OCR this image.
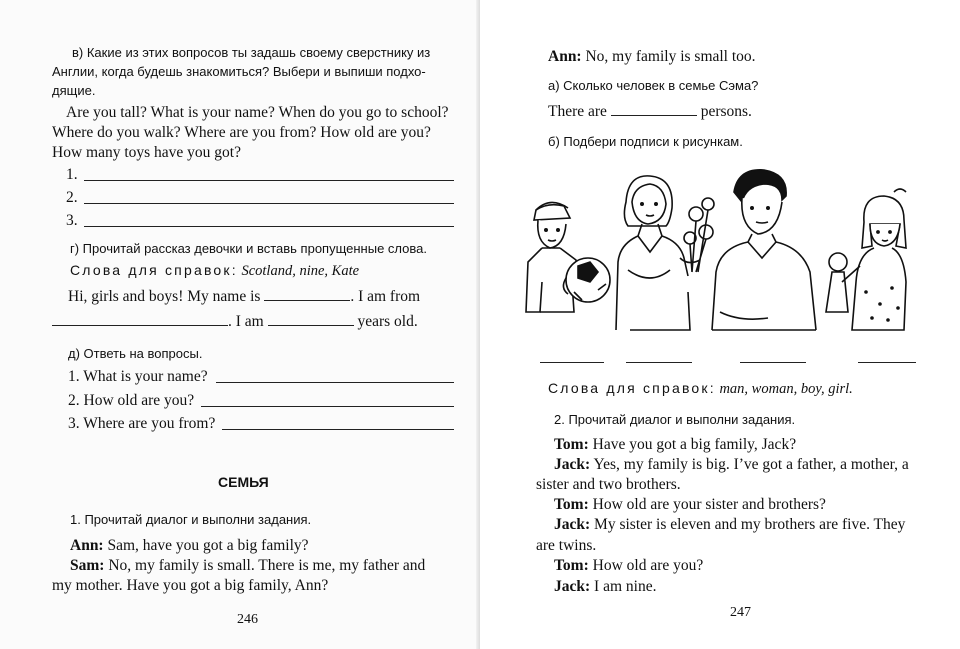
в) Какие из этих вопросов ты задашь своему сверстнику из
Англии, когда будешь знакомиться? Выбери и выпиши подхо-
дящие.
Are you tall? What is your name? When do you go to school?
Where do you walk? Where are you from? How old are you?
How many toys have you got?
1.
2.
3.
г) Прочитай рассказ девочки и вставь пропущенные слова.
Слова для справок: Scotland, nine, Kate
Hi, girls and boys! My name is	. I am from
. I am	years old.
д) Ответь на вопросы.
1. What is your name?
2. How old are you?
3. Where are you from?
СЕМЬЯ
1. Прочитай диалог и выполни задания.
Ann: Sam, have you got a big family?
Sam: No, my family is small. There is me, my father and
my mother. Have you got a big family, Ann?
246
Ann: No, my family is small too.
а) Сколько человек в семье Сэма?
There are	persons.
б) Подбери подписи к рисункам.
Слова для справок: man, woman, boy, girl.
2. Прочитай диалог и выполни задания.
Tom: Have you got a big family, Jack?
Jack: Yes, my family is big. I’ve got a father, a mother, a
sister and two brothers.
Tom: How old are your sister and brothers?
Jack: My sister is eleven and my brothers are five. They
are twins.
Tom: How old are you?
Jack: I am nine.
247
